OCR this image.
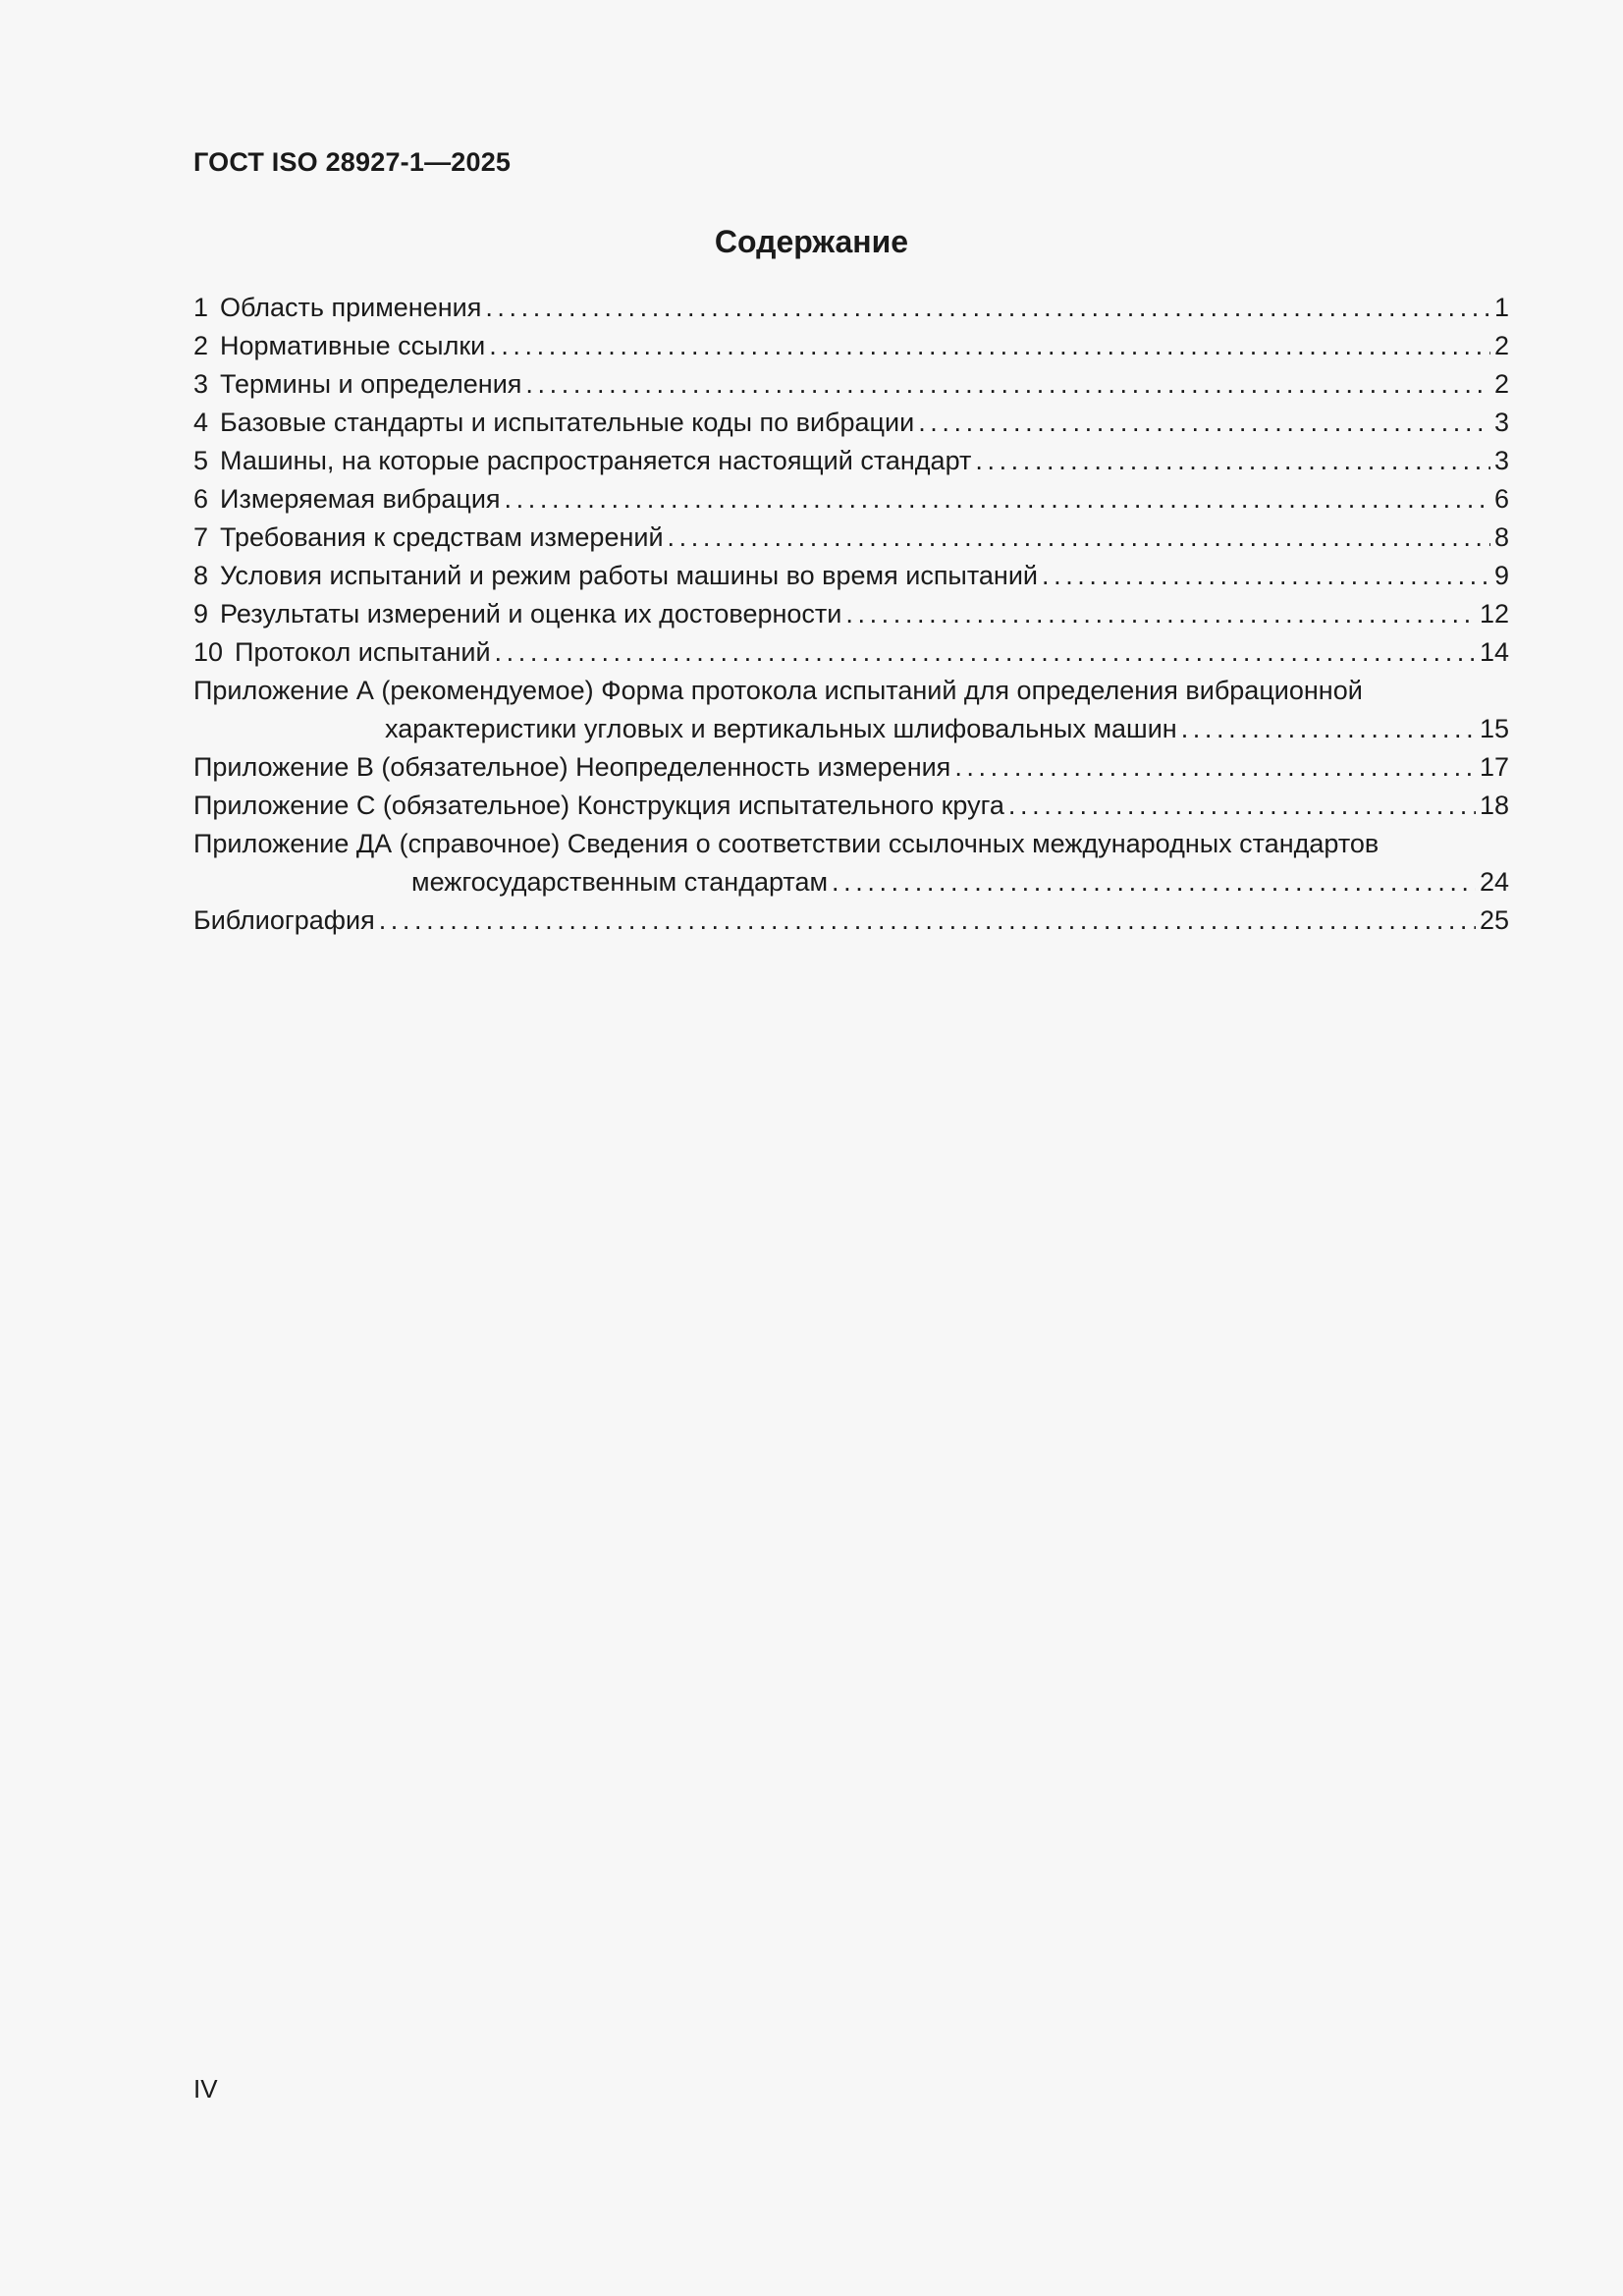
ГОСТ ISO 28927-1—2025
Содержание
1 Область применения .....	1
2 Нормативные ссылки .....	2
3 Термины и определения .....	2
4 Базовые стандарты и испытательные коды по вибрации .....	3
5 Машины, на которые распространяется настоящий стандарт .....	3
6 Измеряемая вибрация .....	6
7 Требования к средствам измерений .....	8
8 Условия испытаний и режим работы машины во время испытаний .....	9
9 Результаты измерений и оценка их достоверности .....	12
10 Протокол испытаний .....	14
Приложение А (рекомендуемое) Форма протокола испытаний для определения вибрационной
характеристики угловых и вертикальных шлифовальных машин .....	15
Приложение В (обязательное) Неопределенность измерения .....	17
Приложение С (обязательное) Конструкция испытательного круга .....	18
Приложение ДА (справочное) Сведения о соответствии ссылочных международных стандартов
межгосударственным стандартам .....	24
Библиография .....	25
IV
